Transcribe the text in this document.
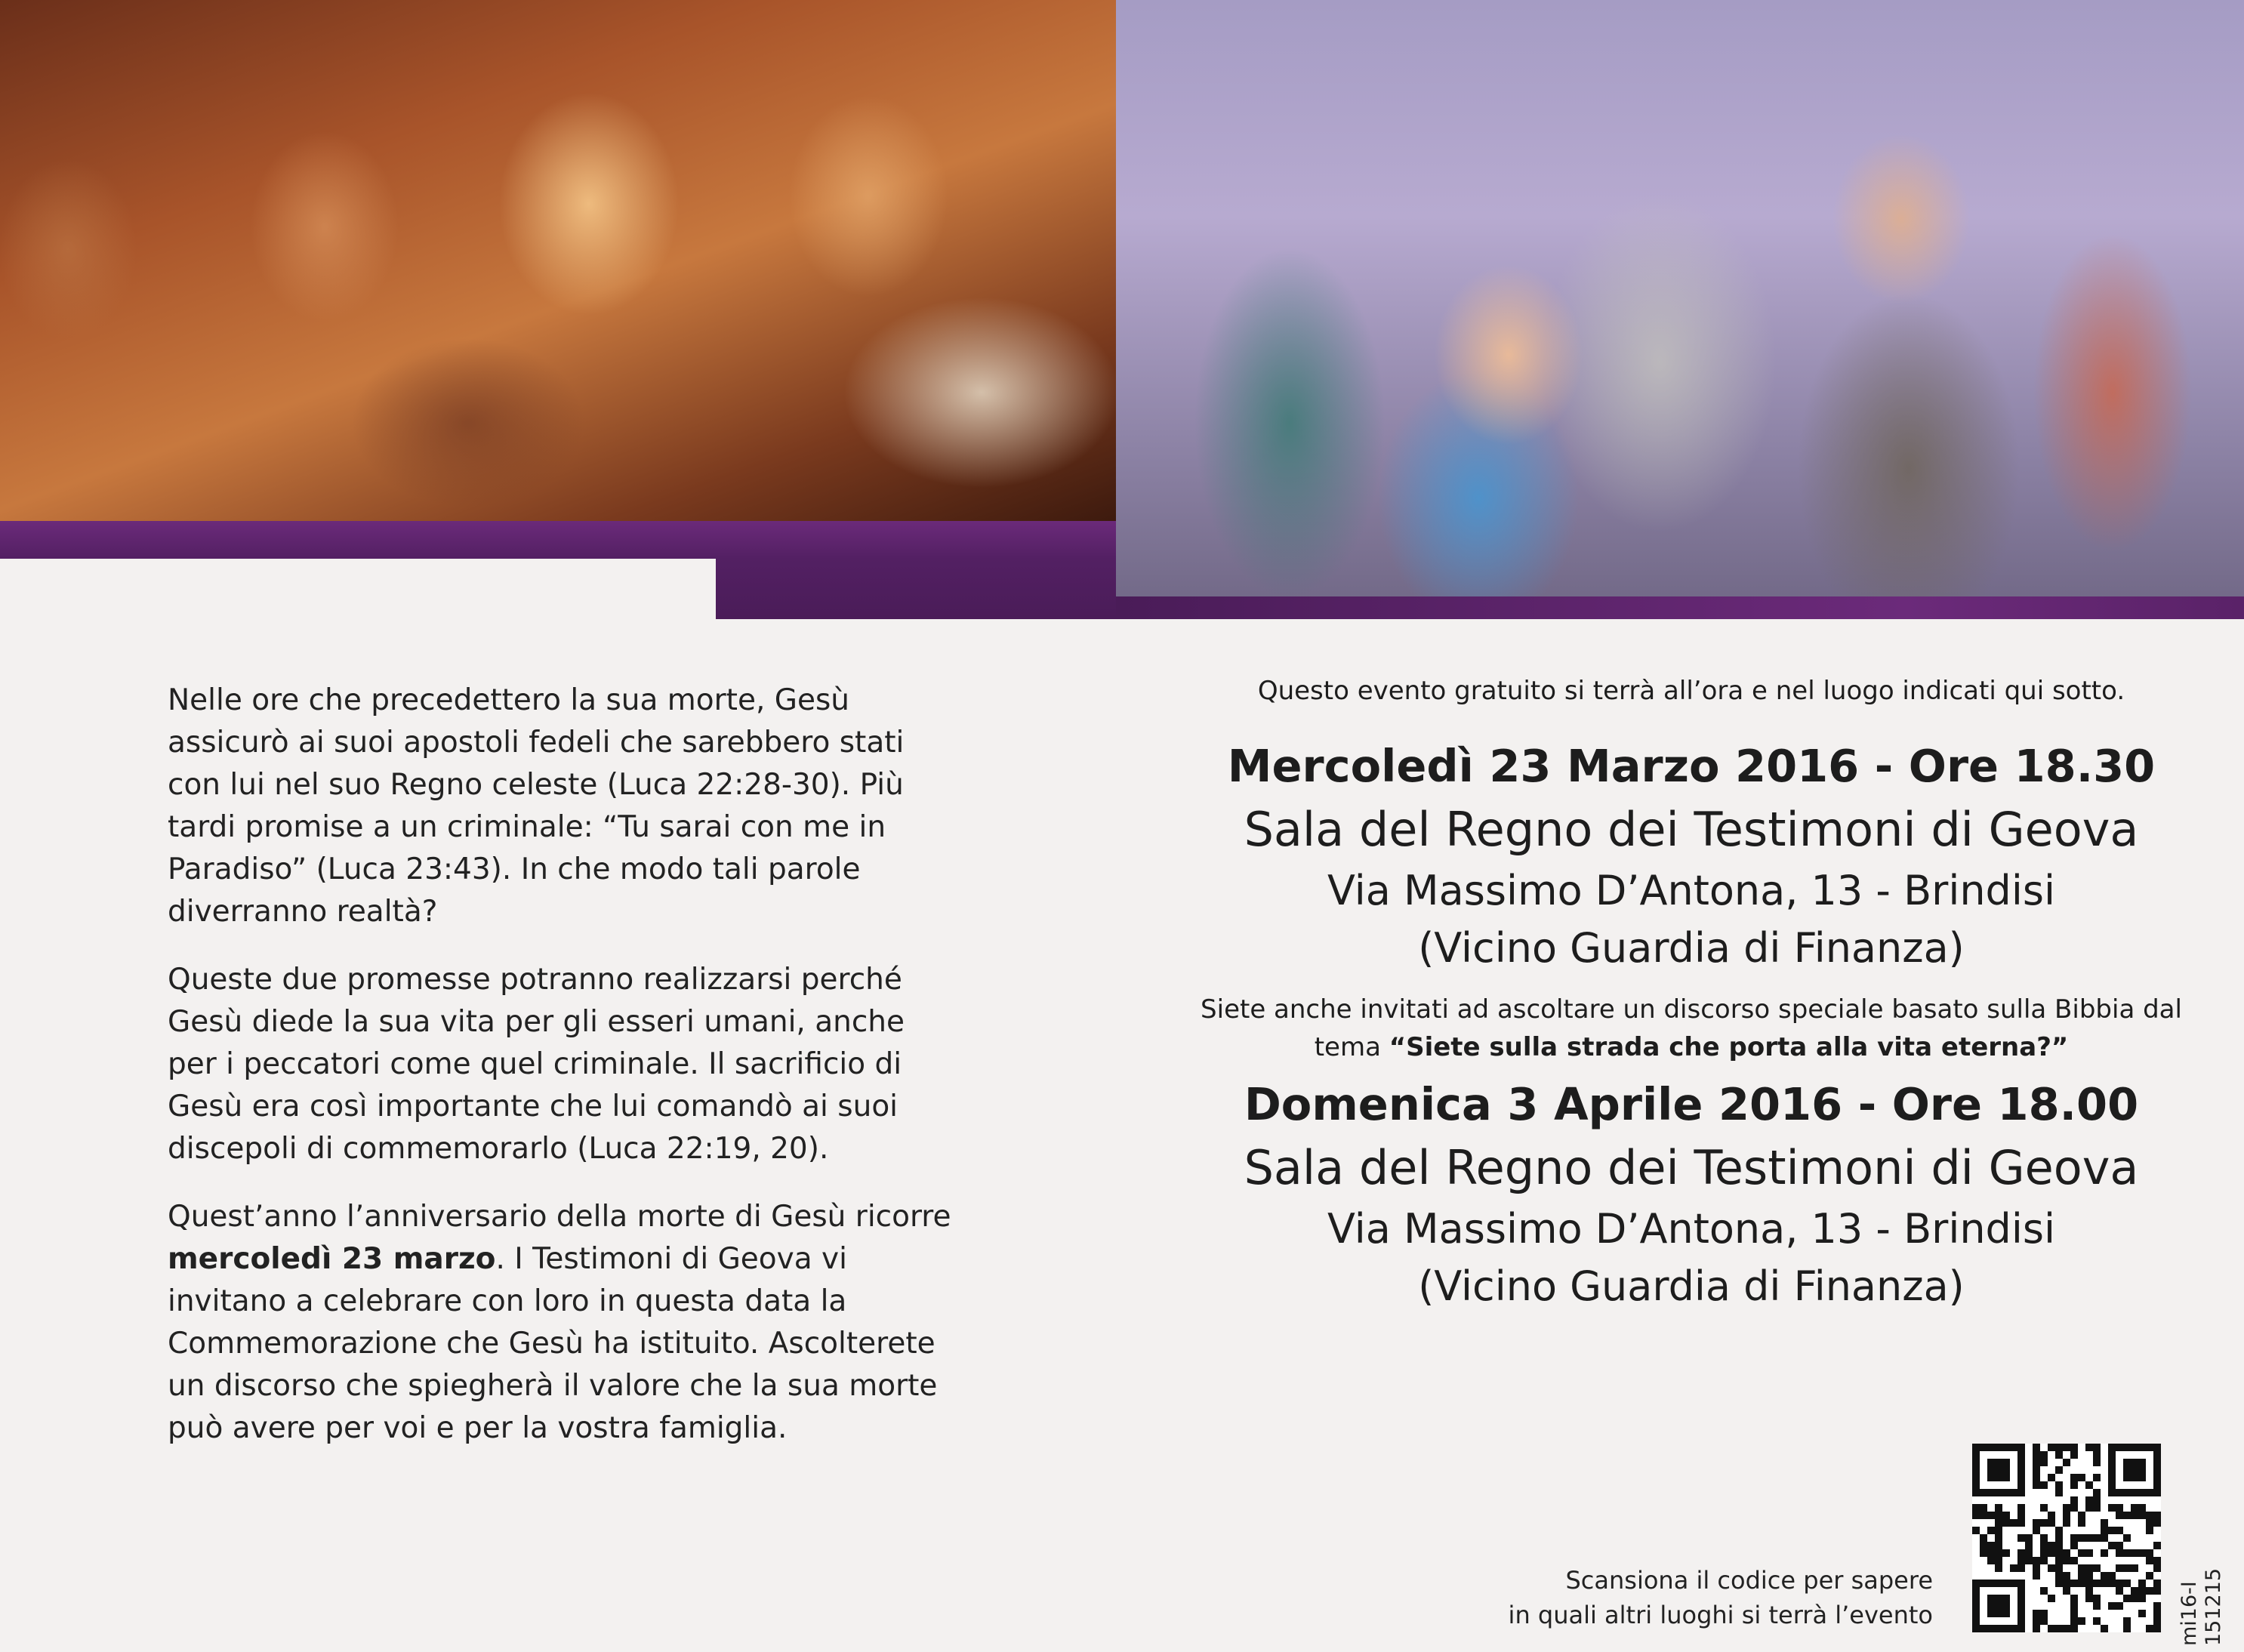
Nelle ore che precedettero la sua morte, Gesù assicurò ai suoi apostoli fedeli che sarebbero stati con lui nel suo Regno celeste (Luca 22:28-30). Più tardi promise a un criminale: “Tu sarai con me in Paradiso” (Luca 23:43). In che modo tali parole diverranno realtà?

Queste due promesse potranno realizzarsi perché Gesù diede la sua vita per gli esseri umani, anche per i peccatori come quel criminale. Il sacrificio di Gesù era così importante che lui comandò ai suoi discepoli di commemorarlo (Luca 22:19, 20).

Quest’anno l’anniversario della morte di Gesù ricorre mercoledì 23 marzo. I Testimoni di Geova vi invitano a celebrare con loro in questa data la Commemorazione che Gesù ha istituito. Ascolterete un discorso che spiegherà il valore che la sua morte può avere per voi e per la vostra famiglia.

Questo evento gratuito si terrà all’ora e nel luogo indicati qui sotto.

Mercoledì 23 Marzo 2016 - Ore 18.30

Sala del Regno dei Testimoni di Geova

Via Massimo D’Antona, 13 - Brindisi

(Vicino Guardia di Finanza)

Siete anche invitati ad ascoltare un discorso speciale basato sulla Bibbia dal tema “Siete sulla strada che porta alla vita eterna?”

Domenica 3 Aprile 2016 - Ore 18.00

Sala del Regno dei Testimoni di Geova

Via Massimo D’Antona, 13 - Brindisi

(Vicino Guardia di Finanza)

Scansiona il codice per sapere
in quali altri luoghi si terrà l’evento	mi16-I 151215
